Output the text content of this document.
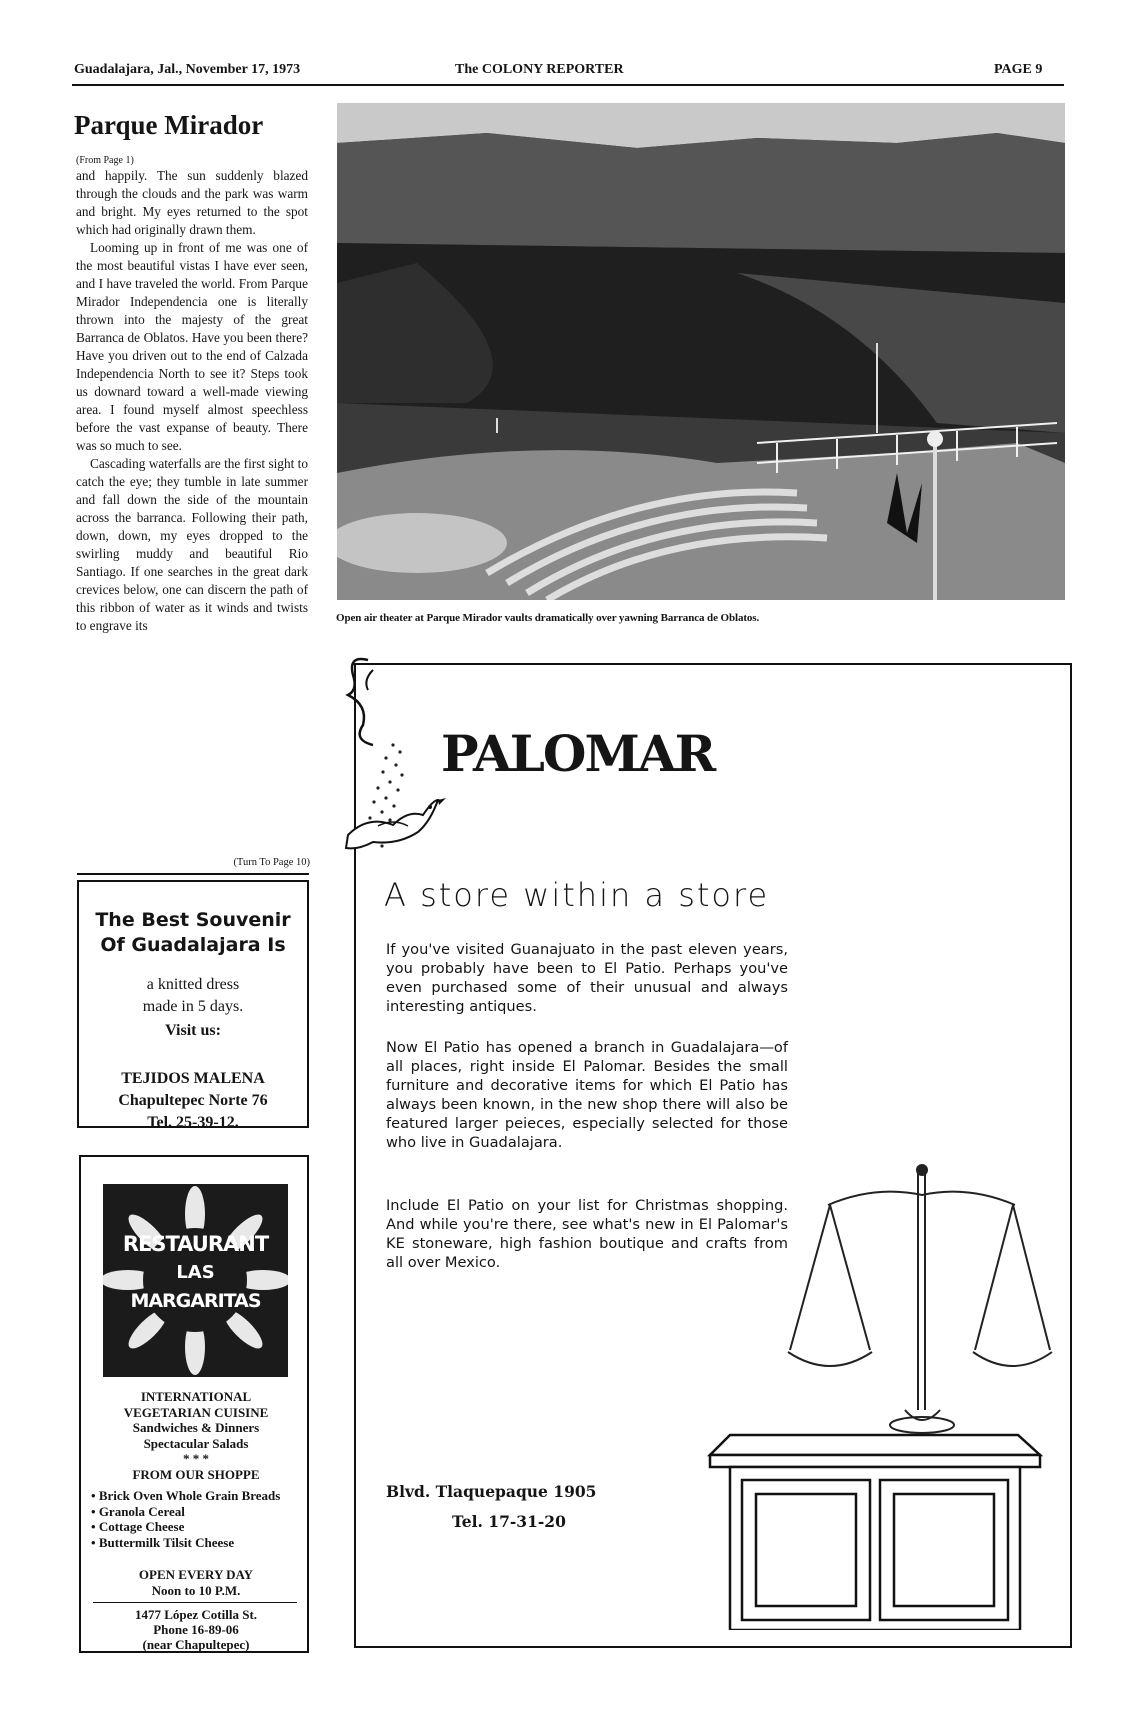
Guadalajara, Jal., November 17, 1973	The COLONY REPORTER	PAGE 9
Parque Mirador
(From Page 1)

and happily. The sun suddenly blazed through the clouds and the park was warm and bright. My eyes returned to the spot which had originally drawn them.

Looming up in front of me was one of the most beautiful vistas I have ever seen, and I have traveled the world. From Parque Mirador Independencia one is literally thrown into the majesty of the great Barranca de Oblatos. Have you been there? Have you driven out to the end of Calzada Independencia North to see it? Steps took us downard toward a well-made viewing area. I found myself almost speechless before the vast expanse of beauty. There was so much to see.

Cascading waterfalls are the first sight to catch the eye; they tumble in late summer and fall down the side of the mountain across the barranca. Following their path, down, down, my eyes dropped to the swirling muddy and beautiful Rio Santiago. If one searches in the great dark crevices below, one can discern the path of this ribbon of water as it winds and twists to engrave its

(Turn To Page 10)
Open air theater at Parque Mirador vaults dramatically over yawning Barranca de Oblatos.
The Best Souvenir
Of Guadalajara Is
a knitted dress
made in 5 days.
Visit us:
TEJIDOS MALENA
Chapultepec Norte 76
Tel. 25-39-12.
RESTAURANT
LAS
MARGARITAS
INTERNATIONAL
VEGETARIAN CUISINE
Sandwiches & Dinners
Spectacular Salads
* * *
FROM OUR SHOPPE
• Brick Oven Whole Grain Breads
• Granola Cereal
• Cottage Cheese
• Buttermilk Tilsit Cheese
OPEN EVERY DAY
Noon to 10 P.M.
1477 López Cotilla St.
Phone 16-89-06
(near Chapultepec)
PALOMAR
A store within a store
If you've visited Guanajuato in the past eleven years, you probably have been to El Patio. Perhaps you've even purchased some of their unusual and always interesting antiques.
Now El Patio has opened a branch in Guadalajara—of all places, right inside El Palomar. Besides the small furniture and decorative items for which El Patio has always been known, in the new shop there will also be featured larger peieces, especially selected for those who live in Guadalajara.
Include El Patio on your list for Christmas shopping. And while you're there, see what's new in El Palomar's KE stoneware, high fashion boutique and crafts from all over Mexico.
Blvd. Tlaquepaque 1905
Tel. 17-31-20
